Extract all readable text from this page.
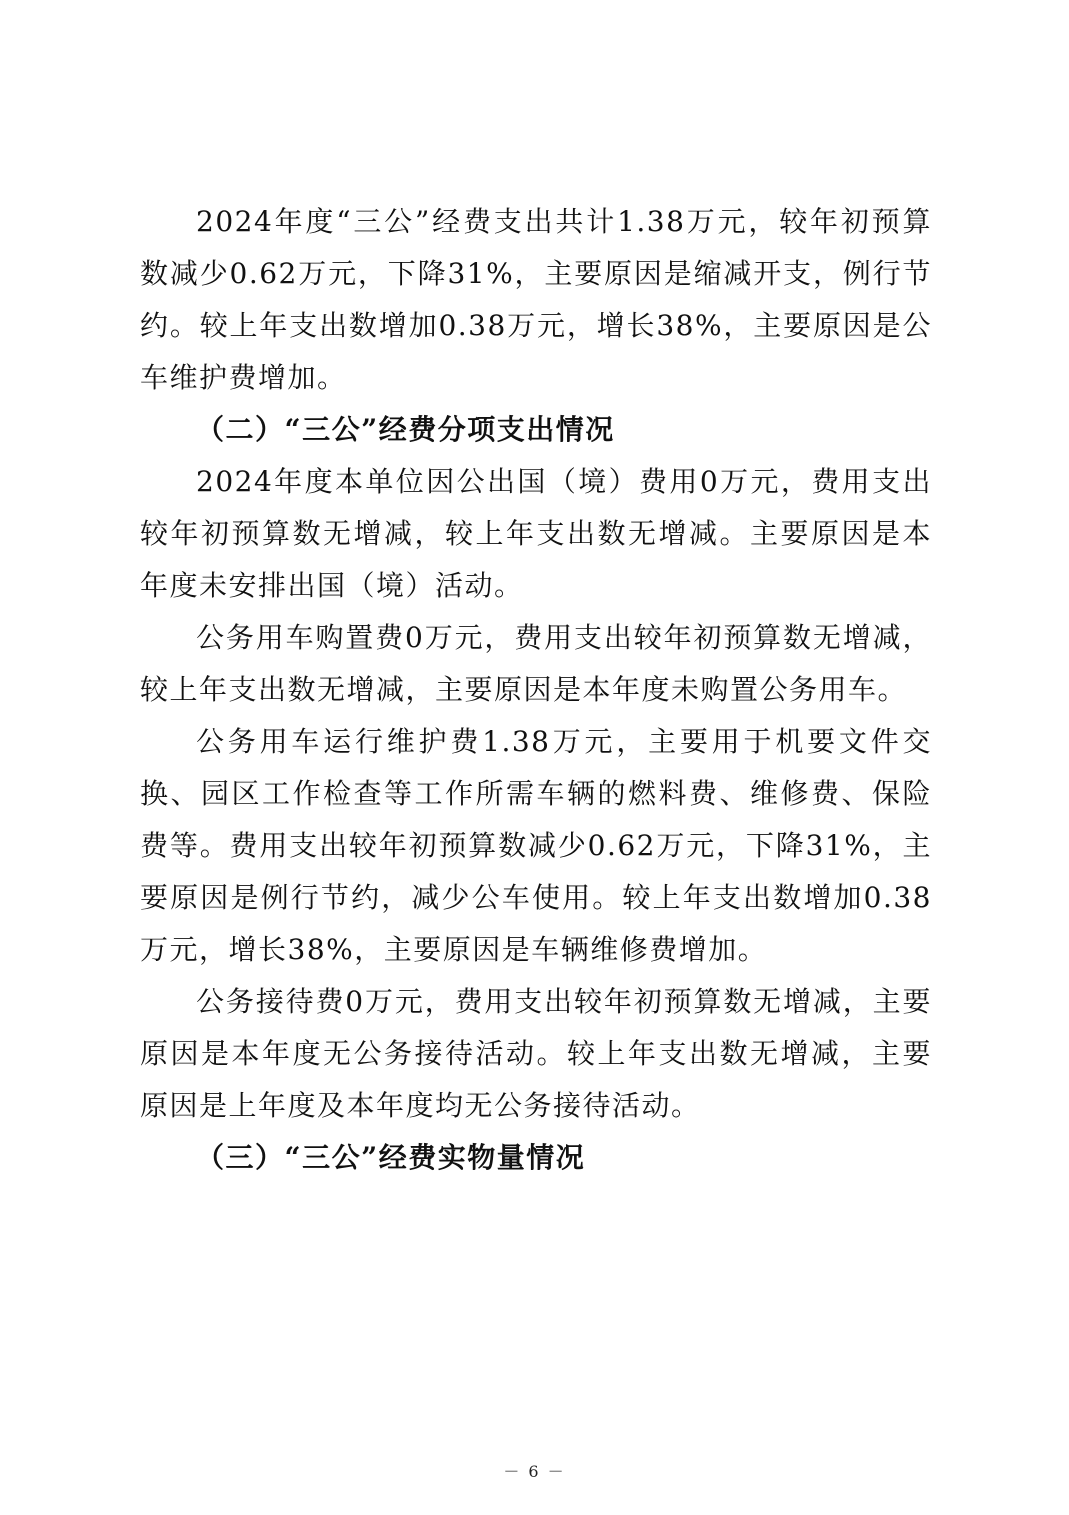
2024年度“三公”经费支出共计1.38万元，较年初预算数减少0.62万元，下降31%，主要原因是缩减开支，例行节约。较上年支出数增加0.38万元，增长38%，主要原因是公车维护费增加。

（二）“三公”经费分项支出情况

2024年度本单位因公出国（境）费用0万元，费用支出较年初预算数无增减，较上年支出数无增减。主要原因是本年度未安排出国（境）活动。

公务用车购置费0万元，费用支出较年初预算数无增减，较上年支出数无增减，主要原因是本年度未购置公务用车。

公务用车运行维护费1.38万元，主要用于机要文件交换、园区工作检查等工作所需车辆的燃料费、维修费、保险费等。费用支出较年初预算数减少0.62万元，下降31%，主要原因是例行节约，减少公车使用。较上年支出数增加0.38万元，增长38%，主要原因是车辆维修费增加。

公务接待费0万元，费用支出较年初预算数无增减，主要原因是本年度无公务接待活动。较上年支出数无增减，主要原因是上年度及本年度均无公务接待活动。

（三）“三公”经费实物量情况

－ 6 －
